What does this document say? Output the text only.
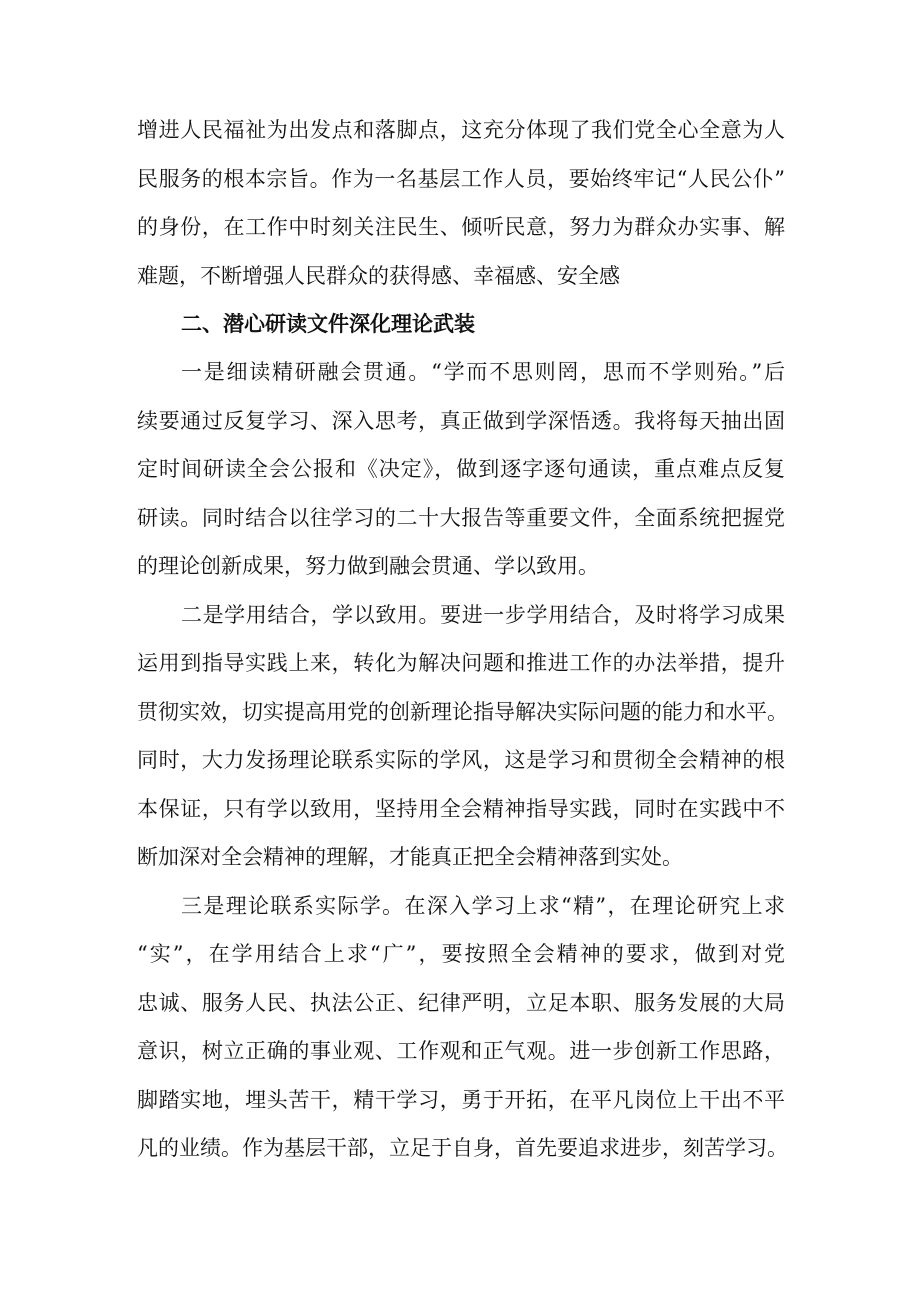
增进人民福祉为出发点和落脚点，这充分体现了我们党全心全意为人
民服务的根本宗旨。作为一名基层工作人员，要始终牢记“人民公仆”
的身份，在工作中时刻关注民生、倾听民意，努力为群众办实事、解
难题，不断增强人民群众的获得感、幸福感、安全感
二、潜心研读文件深化理论武装
一是细读精研融会贯通。“学而不思则罔，思而不学则殆。”后
续要通过反复学习、深入思考，真正做到学深悟透。我将每天抽出固
定时间研读全会公报和《决定》，做到逐字逐句通读，重点难点反复
研读。同时结合以往学习的二十大报告等重要文件，全面系统把握党
的理论创新成果，努力做到融会贯通、学以致用。
二是学用结合，学以致用。要进一步学用结合，及时将学习成果
运用到指导实践上来，转化为解决问题和推进工作的办法举措，提升
贯彻实效，切实提高用党的创新理论指导解决实际问题的能力和水平。
同时，大力发扬理论联系实际的学风，这是学习和贯彻全会精神的根
本保证，只有学以致用，坚持用全会精神指导实践，同时在实践中不
断加深对全会精神的理解，才能真正把全会精神落到实处。
三是理论联系实际学。在深入学习上求“精”，在理论研究上求
“实”，在学用结合上求“广”，要按照全会精神的要求，做到对党
忠诚、服务人民、执法公正、纪律严明，立足本职、服务发展的大局
意识，树立正确的事业观、工作观和正气观。进一步创新工作思路，
脚踏实地，埋头苦干，精干学习，勇于开拓，在平凡岗位上干出不平
凡的业绩。作为基层干部，立足于自身，首先要追求进步，刻苦学习。
